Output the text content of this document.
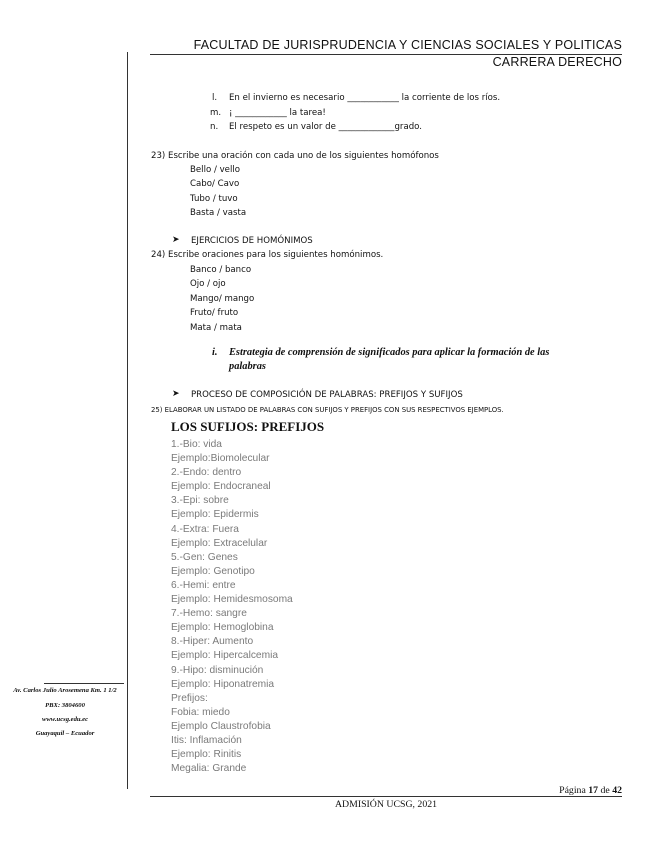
FACULTAD DE JURISPRUDENCIA Y CIENCIAS SOCIALES Y POLITICAS
CARRERA DERECHO
l. En el invierno es necesario ____________ la corriente de los ríos.
m. ¡ ____________ la tarea!
n. El respeto es un valor de _____________grado.
23) Escribe una oración con cada uno de los siguientes homófonos
Bello / vello
Cabo/ Cavo
Tubo / tuvo
Basta / vasta
➤ EJERCICIOS DE HOMÓNIMOS
24) Escribe oraciones para los siguientes homónimos.
Banco / banco
Ojo / ojo
Mango/ mango
Fruto/ fruto
Mata / mata
i. Estrategia de comprensión de significados para aplicar la formación de las
palabras
➤ PROCESO DE COMPOSICIÓN DE PALABRAS: PREFIJOS Y SUFIJOS
25) ELABORAR UN LISTADO DE PALABRAS CON SUFIJOS Y PREFIJOS CON SUS RESPECTIVOS EJEMPLOS.
LOS SUFIJOS: PREFIJOS
1.-Bio: vida
Ejemplo:Biomolecular
2.-Endo: dentro
Ejemplo: Endocraneal
3.-Epi: sobre
Ejemplo: Epidermis
4.-Extra: Fuera
Ejemplo: Extracelular
5.-Gen: Genes
Ejemplo: Genotipo
6.-Hemi: entre
Ejemplo: Hemidesmosoma
7.-Hemo: sangre
Ejemplo: Hemoglobina
8.-Hiper: Aumento
Ejemplo: Hipercalcemia
9.-Hipo: disminución
Ejemplo: Hiponatremia
Prefijos:
Fobia: miedo
Ejemplo Claustrofobia
Itis: Inflamación
Ejemplo: Rinitis
Megalia: Grande
Av. Carlos Julio Arosemena Km. 1 1/2
PBX: 3804600
www.ucsg.edu.ec
Guayaquil – Ecuador
Página 17 de 42
ADMISIÓN UCSG, 2021
